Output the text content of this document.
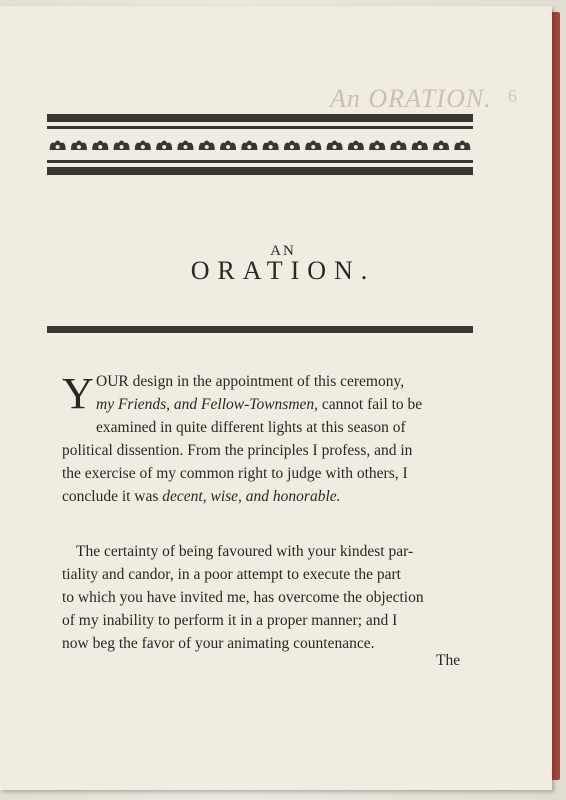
An ORATION. 6
AN
ORATION.
Y OUR design in the appointment of this ceremony,
my Friends, and Fellow-Townsmen, cannot fail to be
examined in quite different lights at this season of
political dissention. From the principles I profess, and in
the exercise of my common right to judge with others, I
conclude it was decent, wise, and honorable.
The certainty of being favoured with your kindest par-
tiality and candor, in a poor attempt to execute the part
to which you have invited me, has overcome the objection
of my inability to perform it in a proper manner; and I
now beg the favor of your animating countenance.
The
